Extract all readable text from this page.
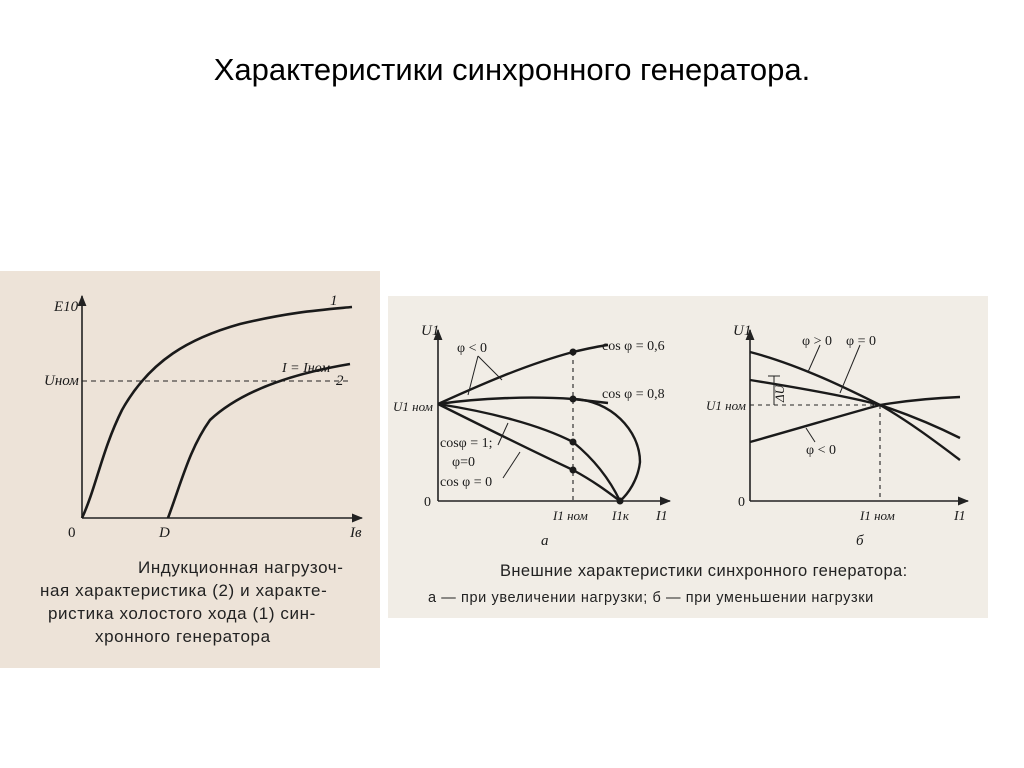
Характеристики синхронного генератора.
E10
Uном
0	D	Iв
1
2
I = Iном
U1
U1 ном
0
I1 ном I1к I1
φ < 0	cos φ = 0,6
cos φ = 0,8
cosφ = 1;
φ=0
cos φ = 0
а
U1
U1 ном
0
I1 ном	I1
ΔU
φ > 0 φ = 0
φ < 0
б
Индукционная нагрузоч-
ная характеристика (2) и характе-
ристика холостого хода (1) син-
хронного генератора
Внешние характеристики синхронного генератора:
а — при увеличении нагрузки; б — при уменьшении нагрузки
